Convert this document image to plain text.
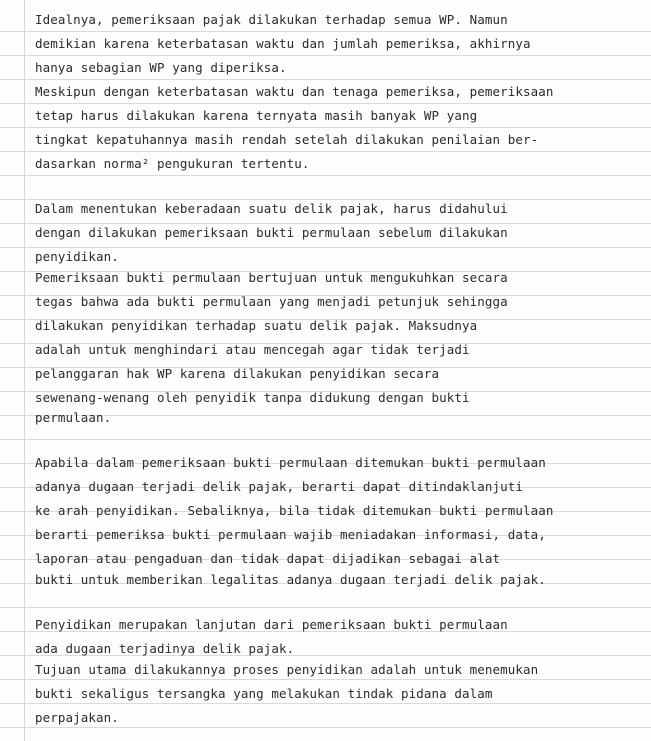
Idealnya, pemeriksaan pajak dilakukan terhadap semua WP. Namun
demikian karena keterbatasan waktu dan jumlah pemeriksa, akhirnya
hanya sebagian WP yang diperiksa.
Meskipun dengan keterbatasan waktu dan tenaga pemeriksa, pemeriksaan
tetap harus dilakukan karena ternyata masih banyak WP yang
tingkat kepatuhannya masih rendah setelah dilakukan penilaian ber-
dasarkan norma² pengukuran tertentu.
Dalam menentukan keberadaan suatu delik pajak, harus didahului
dengan dilakukan pemeriksaan bukti permulaan sebelum dilakukan
penyidikan.
Pemeriksaan bukti permulaan bertujuan untuk mengukuhkan secara
tegas bahwa ada bukti permulaan yang menjadi petunjuk sehingga
dilakukan penyidikan terhadap suatu delik pajak. Maksudnya
adalah untuk menghindari atau mencegah agar tidak terjadi
pelanggaran hak WP karena dilakukan penyidikan secara
sewenang-wenang oleh penyidik tanpa didukung dengan bukti
permulaan.
Apabila dalam pemeriksaan bukti permulaan ditemukan bukti permulaan
adanya dugaan terjadi delik pajak, berarti dapat ditindaklanjuti
ke arah penyidikan. Sebaliknya, bila tidak ditemukan bukti permulaan
berarti pemeriksa bukti permulaan wajib meniadakan informasi, data,
laporan atau pengaduan dan tidak dapat dijadikan sebagai alat
bukti untuk memberikan legalitas adanya dugaan terjadi delik pajak.
Penyidikan merupakan lanjutan dari pemeriksaan bukti permulaan
ada dugaan terjadinya delik pajak.
Tujuan utama dilakukannya proses penyidikan adalah untuk menemukan
bukti sekaligus tersangka yang melakukan tindak pidana dalam
perpajakan.
